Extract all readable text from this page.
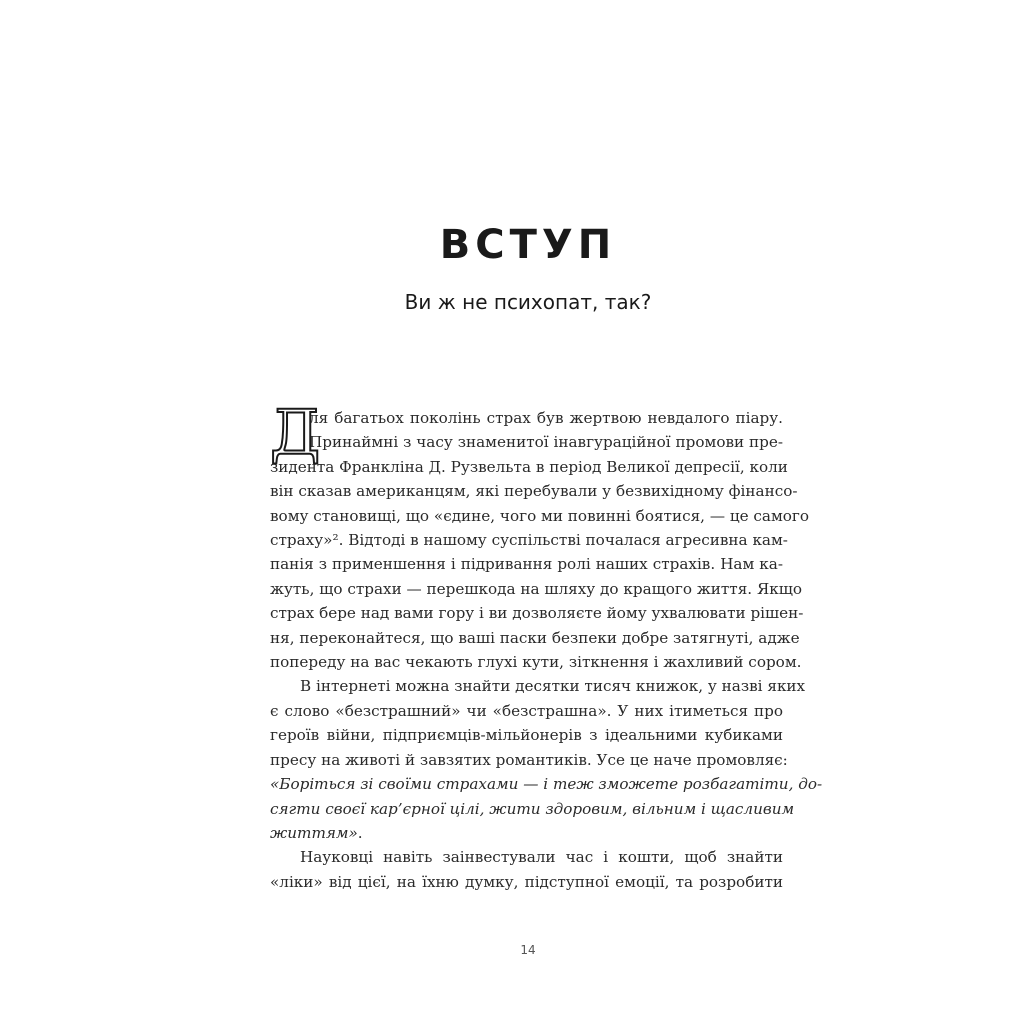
ВСТУП
Ви ж не психопат, так?
Д

ля багатьох поколінь страх був жертвою невдалого піару.
Принаймні з часу знаменитої інавгураційної промови пре-
зидента Франкліна Д. Рузвельта в період Великої депресії, коли
він сказав американцям, які перебували у безвихідному фінансо-
вому становищі, що «єдине, чого ми повинні боятися, — це самого
страху»². Відтоді в нашому суспільстві почалася агресивна кам-
панія з применшення і підривання ролі наших страхів. Нам ка-
жуть, що страхи — перешкода на шляху до кращого життя. Якщо
страх бере над вами гору і ви дозволяєте йому ухвалювати рішен-
ня, переконайтеся, що ваші паски безпеки добре затягнуті, адже
попереду на вас чекають глухі кути, зіткнення і жахливий сором.

В інтернеті можна знайти десятки тисяч книжок, у назві яких
є слово «безстрашний» чи «безстрашна». У них ітиметься про
героїв війни, підприємців-мільйонерів з ідеальними кубиками
пресу на животі й завзятих романтиків. Усе це наче промовляє:
«Боріться зі своїми страхами — і теж зможете розбагатіти, до-
сягти своєї кар’єрної цілі, жити здоровим, вільним і щасливим
життям».

Науковці навіть заінвестували час і кошти, щоб знайти
«ліки» від цієї, на їхню думку, підступної емоції, та розробити

14
